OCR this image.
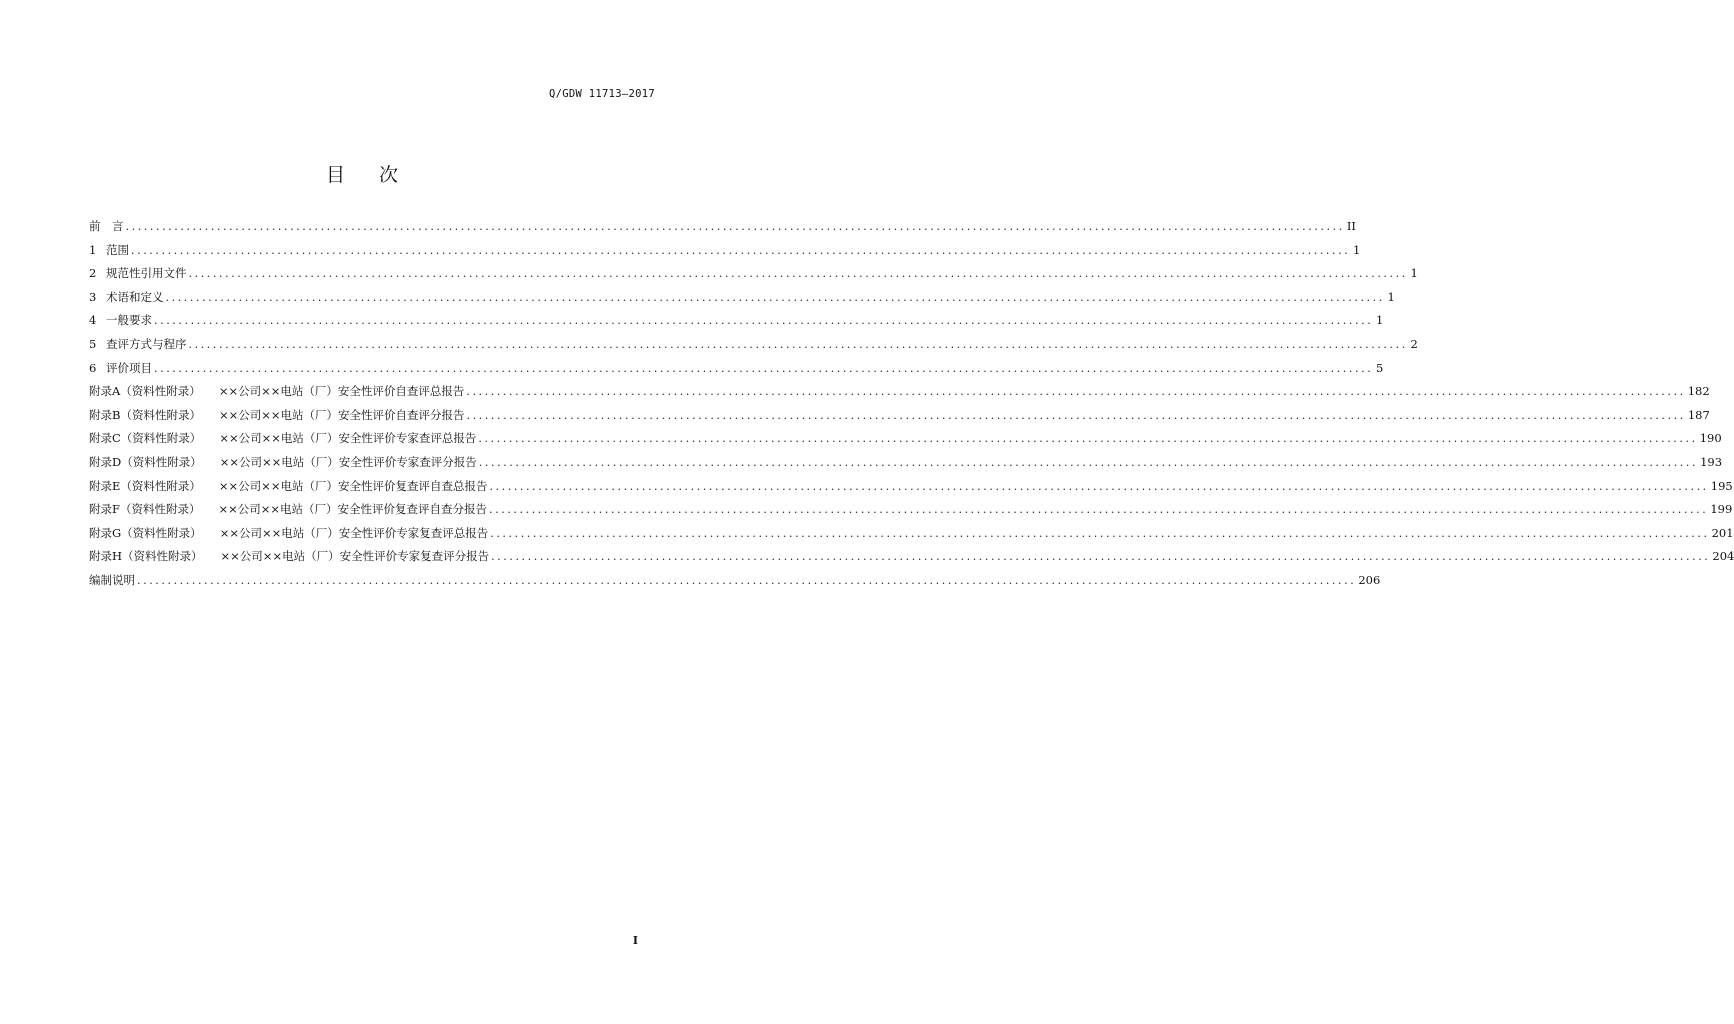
Q/GDW 11713—2017
目 次
前　言 ........................................................................................................................................................................................................ II
1 范围 ........................................................................................................................................................................................................ 1
2 规范性引用文件 ........................................................................................................................................................................................................ 1
3 术语和定义 ........................................................................................................................................................................................................ 1
4 一般要求 ........................................................................................................................................................................................................ 1
5 查评方式与程序 ........................................................................................................................................................................................................ 2
6 评价项目 ........................................................................................................................................................................................................ 5
附录A（资料性附录） ××公司××电站（厂）安全性评价自查评总报告 ........................................................................................................................................................................................................ 182
附录B（资料性附录） ××公司××电站（厂）安全性评价自查评分报告 ........................................................................................................................................................................................................ 187
附录C（资料性附录） ××公司××电站（厂）安全性评价专家查评总报告 ........................................................................................................................................................................................................ 190
附录D（资料性附录） ××公司××电站（厂）安全性评价专家查评分报告 ........................................................................................................................................................................................................ 193
附录E（资料性附录） ××公司××电站（厂）安全性评价复查评自查总报告 ........................................................................................................................................................................................................ 195
附录F（资料性附录） ××公司××电站（厂）安全性评价复查评自查分报告 ........................................................................................................................................................................................................ 199
附录G（资料性附录） ××公司××电站（厂）安全性评价专家复查评总报告 ........................................................................................................................................................................................................ 201
附录H（资料性附录） ××公司××电站（厂）安全性评价专家复查评分报告 ........................................................................................................................................................................................................ 204
编制说明 ........................................................................................................................................................................................................ 206
I
